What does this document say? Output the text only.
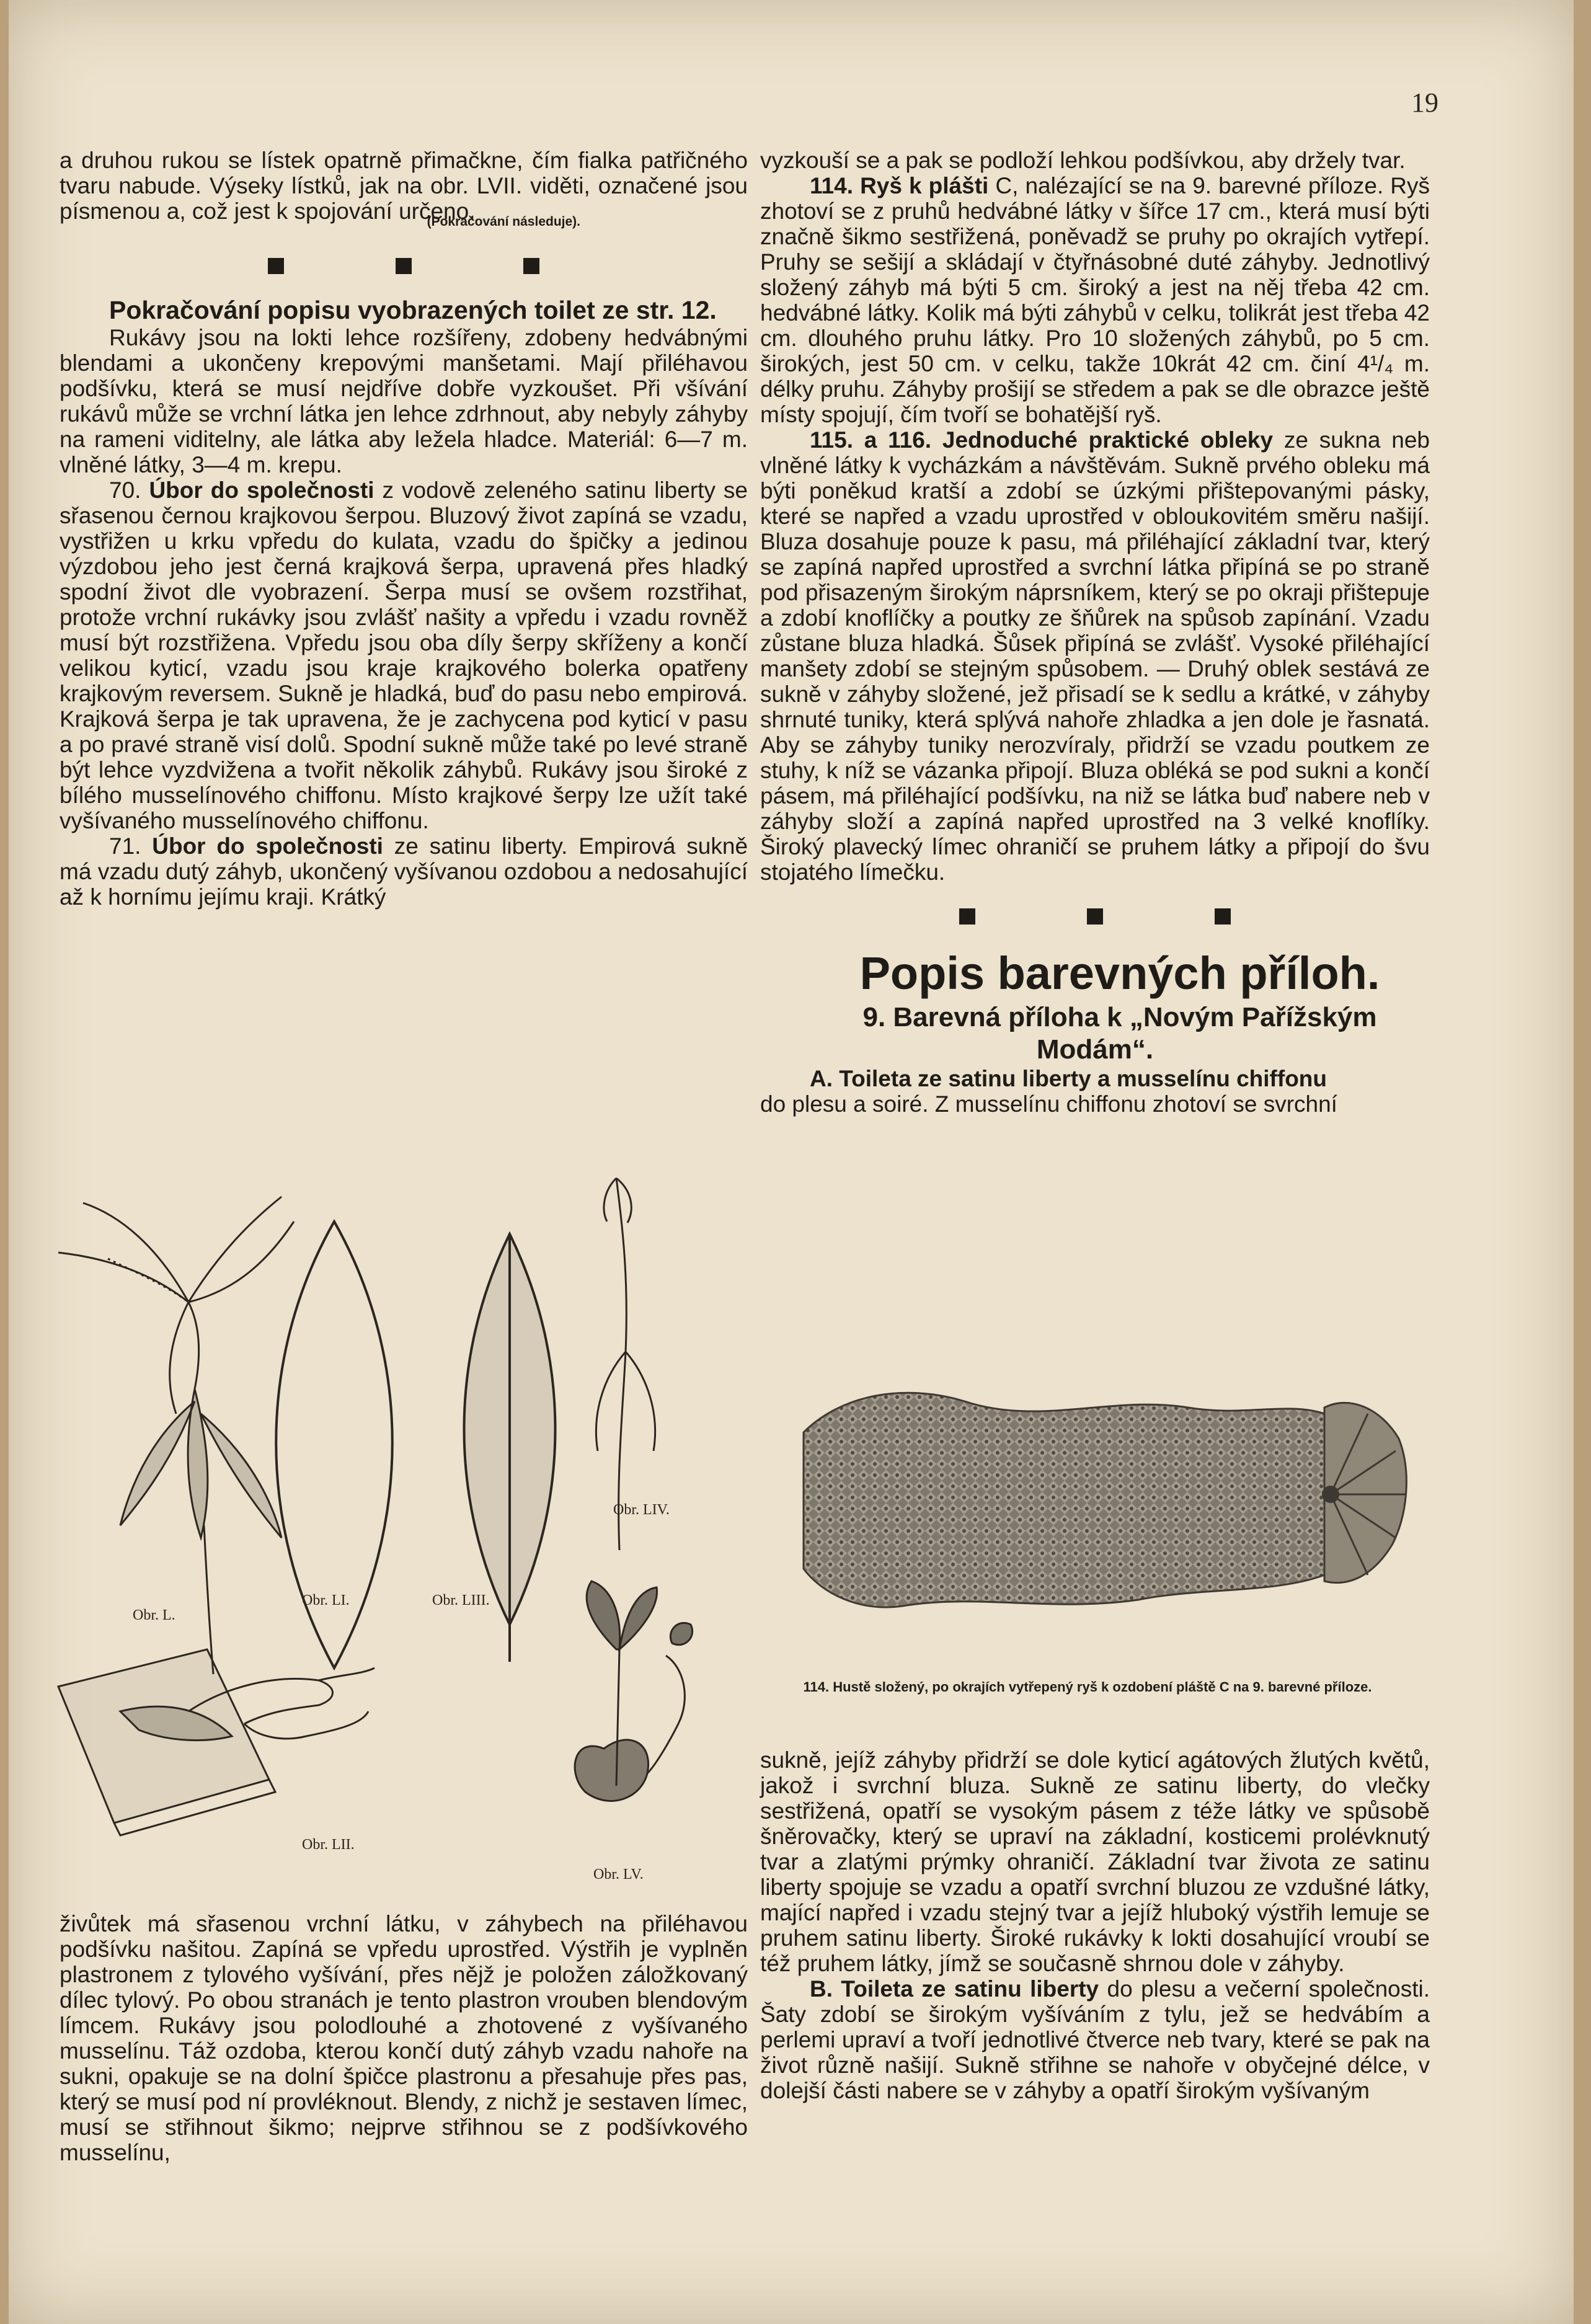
19

a druhou rukou se lístek opatrně přimačkne, čím fialka patřičného tvaru nabude. Výseky lístků, jak na obr. LVII. viděti, označené jsou písmenou a, což jest k spojování určeno.

(Pokračování následuje).

Pokračování popisu vyobrazených toilet ze str. 12.

Rukávy jsou na lokti lehce rozšířeny, zdobeny hedvábnými blendami a ukončeny krepovými manšetami. Mají přiléhavou podšívku, která se musí nejdříve dobře vyzkoušet. Při všívání rukávů může se vrchní látka jen lehce zdrhnout, aby nebyly záhyby na rameni viditelny, ale látka aby ležela hladce. Materiál: 6—7 m. vlněné látky, 3—4 m. krepu.

70. Úbor do společnosti z vodově zeleného satinu liberty se sřasenou černou krajkovou šerpou. Bluzový život zapíná se vzadu, vystřižen u krku vpředu do kulata, vzadu do špičky a jedinou výzdobou jeho jest černá krajková šerpa, upravená přes hladký spodní život dle vyobrazení. Šerpa musí se ovšem rozstřihat, protože vrchní rukávky jsou zvlášť našity a vpředu i vzadu rovněž musí být rozstřižena. Vpředu jsou oba díly šerpy skříženy a končí velikou kyticí, vzadu jsou kraje krajkového bolerka opatřeny krajkovým reversem. Sukně je hladká, buď do pasu nebo empirová. Krajková šerpa je tak upravena, že je zachycena pod kyticí v pasu a po pravé straně visí dolů. Spodní sukně může také po levé straně být lehce vyzdvižena a tvořit několik záhybů. Rukávy jsou široké z bílého musselínového chiffonu. Místo krajkové šerpy lze užít také vyšívaného musselínového chiffonu.

71. Úbor do společnosti ze satinu liberty. Empirová sukně má vzadu dutý záhyb, ukončený vyšívanou ozdobou a nedosahující až k hornímu jejímu kraji. Krátký

Obr. L.
Obr. LI.	Obr. LIII.
Obr. LIV.
Obr. LII.
Obr. LV.

živůtek má sřasenou vrchní látku, v záhybech na přiléhavou podšívku našitou. Zapíná se vpředu uprostřed. Výstřih je vyplněn plastronem z tylového vyšívání, přes nějž je položen záložkovaný dílec tylový. Po obou stranách je tento plastron vrouben blendovým límcem. Rukávy jsou polodlouhé a zhotovené z vyšívaného musselínu. Táž ozdoba, kterou končí dutý záhyb vzadu nahoře na sukni, opakuje se na dolní špičce plastronu a přesahuje přes pas, který se musí pod ní provléknout. Blendy, z nichž je sestaven límec, musí se střihnout šikmo; nejprve střihnou se z podšívkového musselínu,

vyzkouší se a pak se podloží lehkou podšívkou, aby držely tvar.

114. Ryš k plášti C, nalézající se na 9. barevné příloze. Ryš zhotoví se z pruhů hedvábné látky v šířce 17 cm., která musí býti značně šikmo sestřižená, poněvadž se pruhy po okrajích vytřepí. Pruhy se sešijí a skládají v čtyřnásobné duté záhyby. Jednotlivý složený záhyb má býti 5 cm. široký a jest na něj třeba 42 cm. hedvábné látky. Kolik má býti záhybů v celku, tolikrát jest třeba 42 cm. dlouhého pruhu látky. Pro 10 složených záhybů, po 5 cm. širokých, jest 50 cm. v celku, takže 10krát 42 cm. činí 4¹/₄ m. délky pruhu. Záhyby prošijí se středem a pak se dle obrazce ještě místy spojují, čím tvoří se bohatější ryš.

115. a 116. Jednoduché praktické obleky ze sukna neb vlněné látky k vycházkám a návštěvám. Sukně prvého obleku má býti poněkud kratší a zdobí se úzkými přištepovanými pásky, které se napřed a vzadu uprostřed v obloukovitém směru našijí. Bluza dosahuje pouze k pasu, má přiléhající základní tvar, který se zapíná napřed uprostřed a svrchní látka připíná se po straně pod přisazeným širokým náprsníkem, který se po okraji přištepuje a zdobí knoflíčky a poutky ze šňůrek na spůsob zapínání. Vzadu zůstane bluza hladká. Šůsek připíná se zvlášť. Vysoké přiléhající manšety zdobí se stejným spůsobem. — Druhý oblek sestává ze sukně v záhyby složené, jež přisadí se k sedlu a krátké, v záhyby shrnuté tuniky, která splývá nahoře zhladka a jen dole je řasnatá. Aby se záhyby tuniky nerozvíraly, přidrží se vzadu poutkem ze stuhy, k níž se vázanka připojí. Bluza obléká se pod sukni a končí pásem, má přiléhající podšívku, na niž se látka buď nabere neb v záhyby složí a zapíná napřed uprostřed na 3 velké knoflíky. Široký plavecký límec ohraničí se pruhem látky a připojí do švu stojatého límečku.

Popis barevných příloh.

9. Barevná příloha k „Novým Pařížským Modám“.

A. Toileta ze satinu liberty a musselínu chiffonu

do plesu a soiré. Z musselínu chiffonu zhotoví se svrchní

114. Hustě složený, po okrajích vytřepený ryš k ozdobení pláště C na 9. barevné příloze.

sukně, jejíž záhyby přidrží se dole kyticí agátových žlutých květů, jakož i svrchní bluza. Sukně ze satinu liberty, do vlečky sestřižená, opatří se vysokým pásem z téže látky ve spůsobě šněrovačky, který se upraví na základní, kosticemi prolévknutý tvar a zlatými prýmky ohraničí. Základní tvar života ze satinu liberty spojuje se vzadu a opatří svrchní bluzou ze vzdušné látky, mající napřed i vzadu stejný tvar a jejíž hluboký výstřih lemuje se pruhem satinu liberty. Široké rukávky k lokti dosahující vroubí se též pruhem látky, jímž se současně shrnou dole v záhyby.

B. Toileta ze satinu liberty do plesu a večerní společnosti. Šaty zdobí se širokým vyšíváním z tylu, jež se hedvábím a perlemi upraví a tvoří jednotlivé čtverce neb tvary, které se pak na život různě našijí. Sukně střihne se nahoře v obyčejné délce, v dolejší části nabere se v záhyby a opatří širokým vyšívaným
